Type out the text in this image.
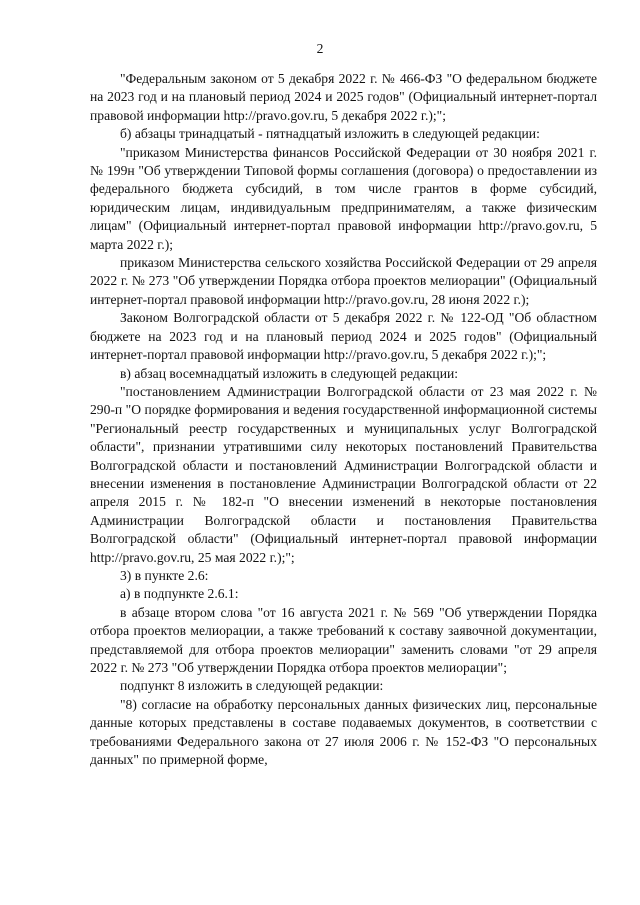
2

"Федеральным законом от 5 декабря 2022 г. № 466-ФЗ "О федеральном бюджете на 2023 год и на плановый период 2024 и 2025 годов" (Официальный интернет-портал правовой информации http://pravo.gov.ru, 5 декабря 2022 г.);";

б) абзацы тринадцатый - пятнадцатый изложить в следующей редакции:

"приказом Министерства финансов Российской Федерации от 30 ноября 2021 г. № 199н "Об утверждении Типовой формы соглашения (договора) о предоставлении из федерального бюджета субсидий, в том числе грантов в форме субсидий, юридическим лицам, индивидуальным предпринимателям, а также физическим лицам" (Официальный интернет-портал правовой информации http://pravo.gov.ru, 5 марта 2022 г.);

приказом Министерства сельского хозяйства Российской Федерации от 29 апреля 2022 г. № 273 "Об утверждении Порядка отбора проектов мелиорации" (Официальный интернет-портал правовой информации http://pravo.gov.ru, 28 июня 2022 г.);

Законом Волгоградской области от 5 декабря 2022 г. № 122-ОД "Об областном бюджете на 2023 год и на плановый период 2024 и 2025 годов" (Официальный интернет-портал правовой информации http://pravo.gov.ru, 5 декабря 2022 г.);";

в) абзац восемнадцатый изложить в следующей редакции:

"постановлением Администрации Волгоградской области от 23 мая 2022 г. № 290-п "О порядке формирования и ведения государственной информационной системы "Региональный реестр государственных и муниципальных услуг Волгоградской области", признании утратившими силу некоторых постановлений Правительства Волгоградской области и постановлений Администрации Волгоградской области и внесении изменения в постановление Администрации Волгоградской области от 22 апреля 2015 г. № 182-п "О внесении изменений в некоторые постановления Администрации Волгоградской области и постановления Правительства Волгоградской области" (Официальный интернет-портал правовой информации http://pravo.gov.ru, 25 мая 2022 г.);";

3) в пункте 2.6:

а) в подпункте 2.6.1:

в абзаце втором слова "от 16 августа 2021 г. № 569 "Об утверждении Порядка отбора проектов мелиорации, а также требований к составу заявочной документации, представляемой для отбора проектов мелиорации" заменить словами "от 29 апреля 2022 г. № 273 "Об утверждении Порядка отбора проектов мелиорации";

подпункт 8 изложить в следующей редакции:

"8) согласие на обработку персональных данных физических лиц, персональные данные которых представлены в составе подаваемых документов, в соответствии с требованиями Федерального закона от 27 июля 2006 г. № 152-ФЗ "О персональных данных" по примерной форме,
